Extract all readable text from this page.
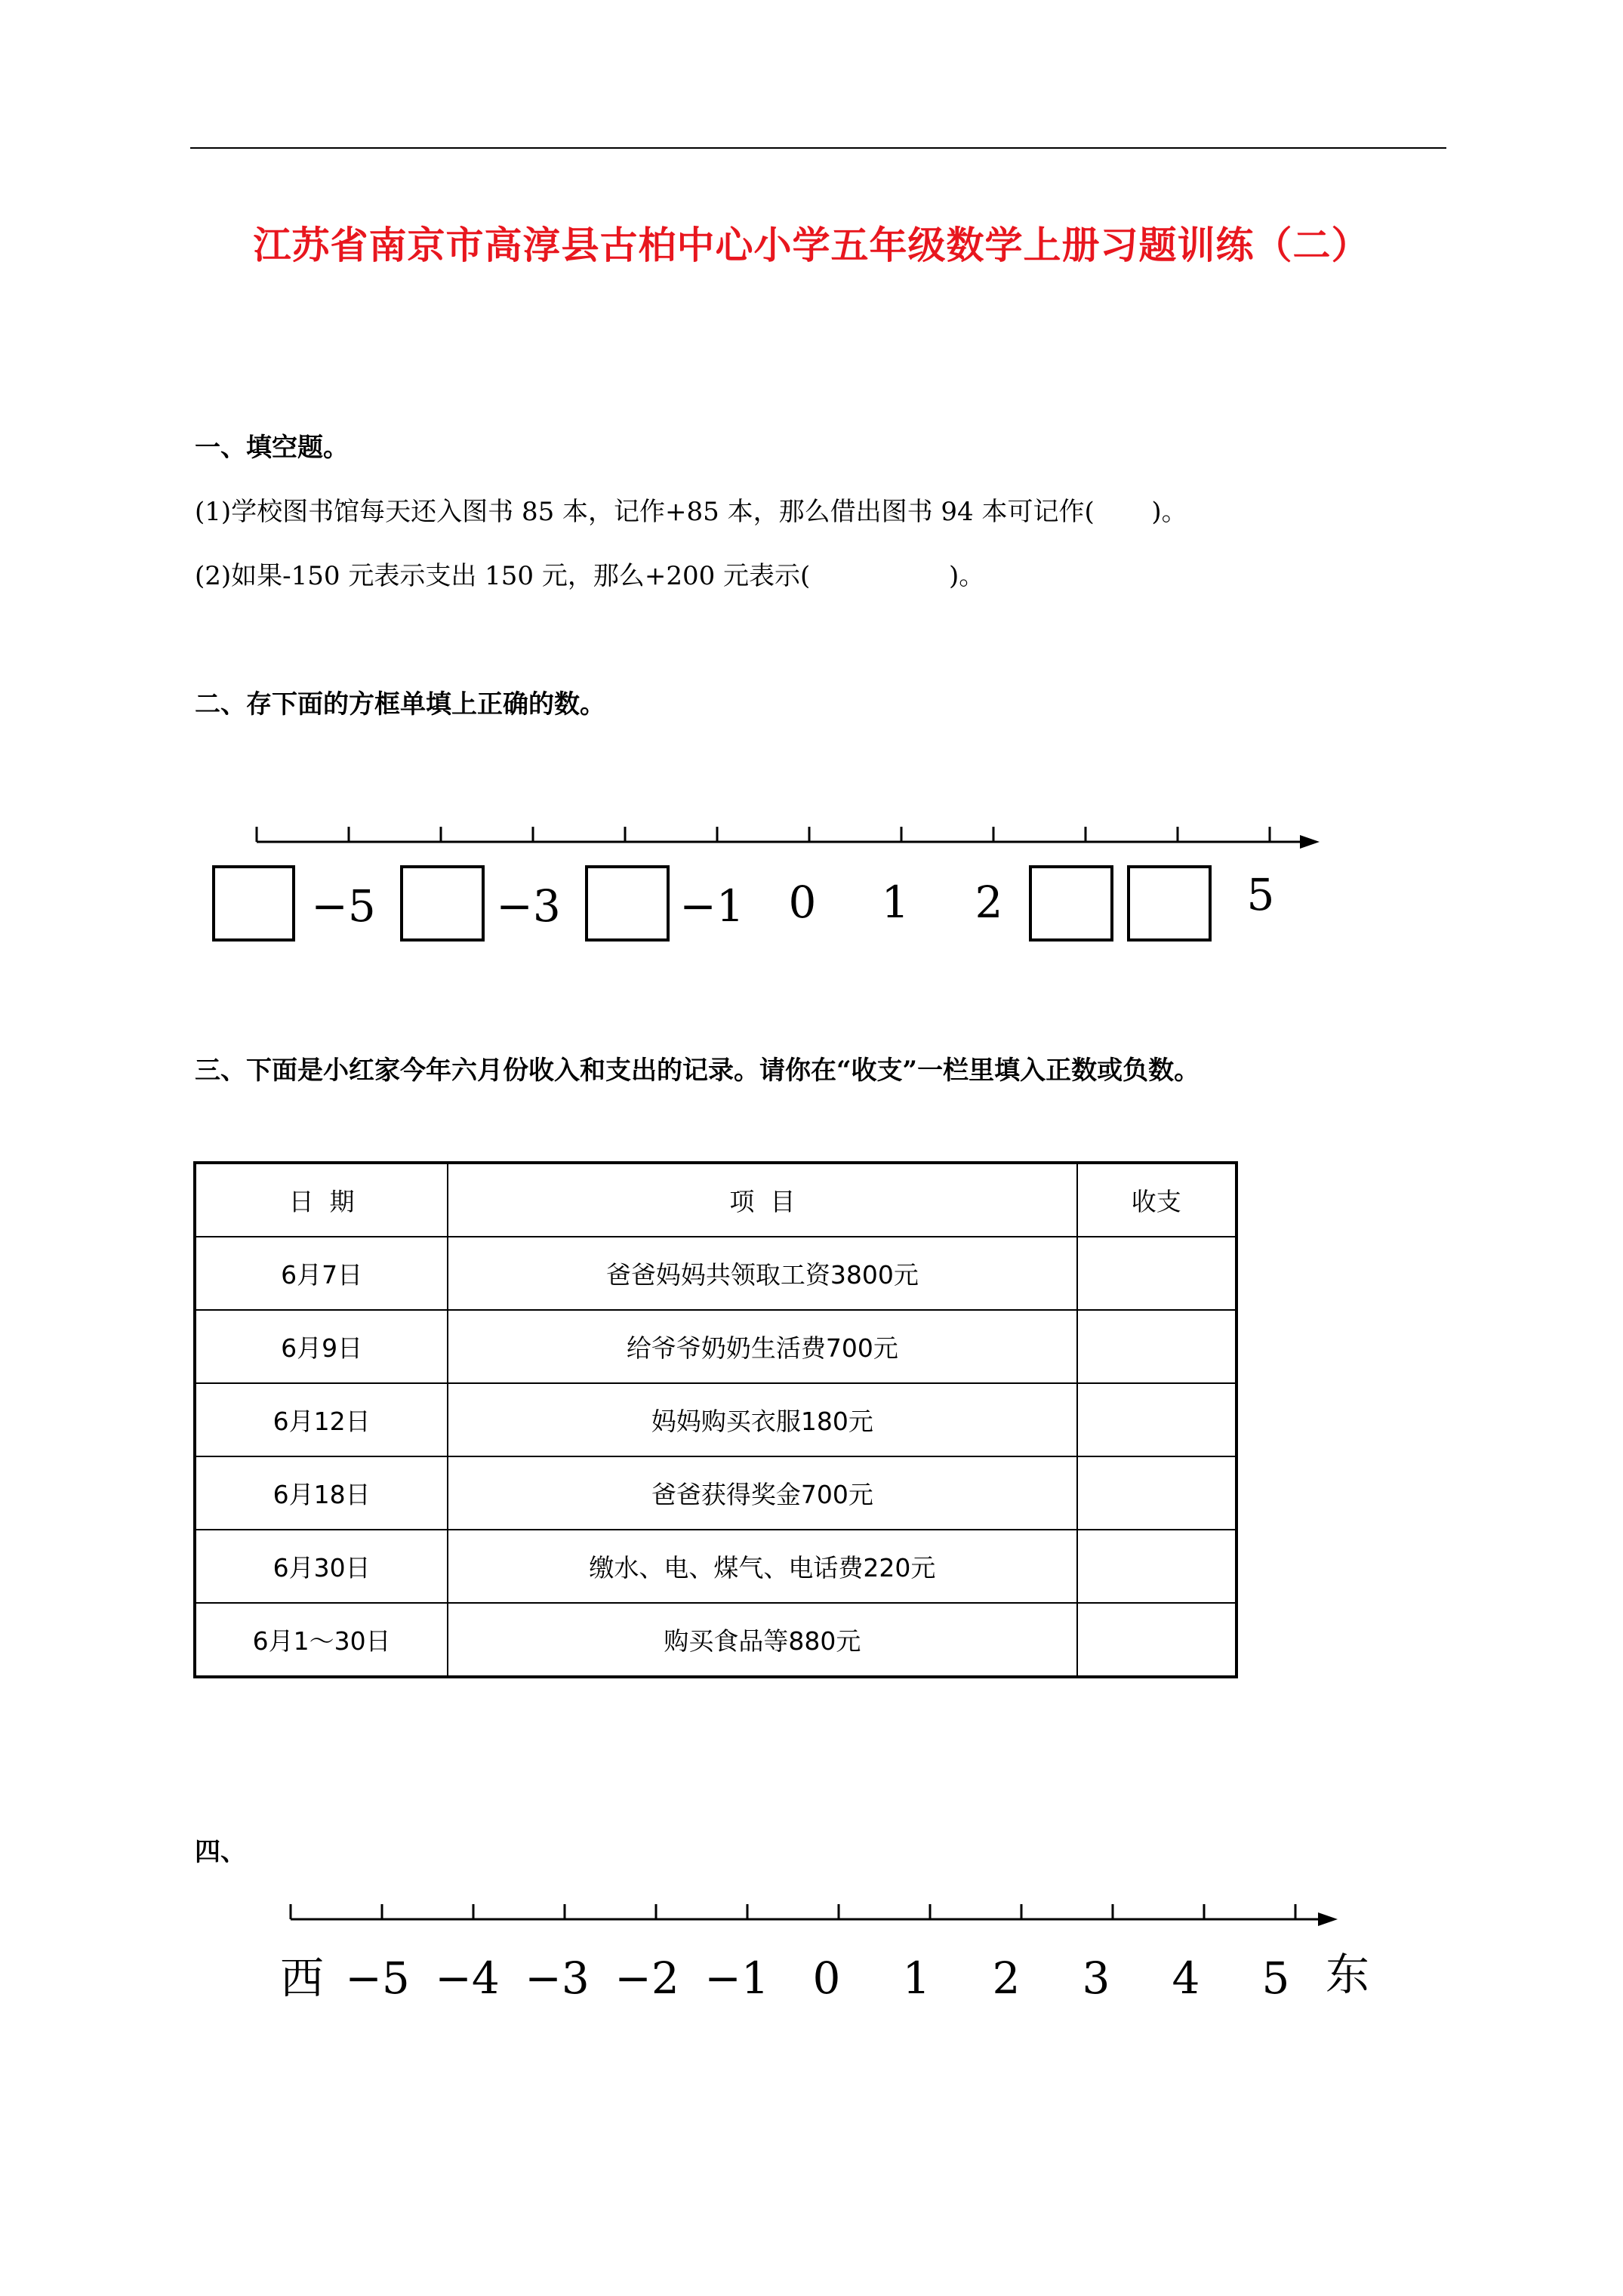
江苏省南京市高淳县古柏中心小学五年级数学上册习题训练（二）
一、填空题。
(1)学校图书馆每天还入图书 85 本，记作+85 本，那么借出图书 94 本可记作(       )。
(2)如果-150 元表示支出 150 元，那么+200 元表示(                 )。
二、存下面的方框单填上正确的数。
−5	−3	−1 0 1 2	5
西	东
−5 −4 −3 −2 −1 0 1 2 3 4 5
三、下面是小红家今年六月份收入和支出的记录。请你在“收支”一栏里填入正数或负数。
日  期	项  目	收支
6月7日	爸爸妈妈共领取工资3800元	
6月9日	给爷爷奶奶生活费700元	
6月12日	妈妈购买衣服180元	
6月18日	爸爸获得奖金700元	
6月30日	缴水、电、煤气、电话费220元	
6月1～30日	购买食品等880元	
四、
